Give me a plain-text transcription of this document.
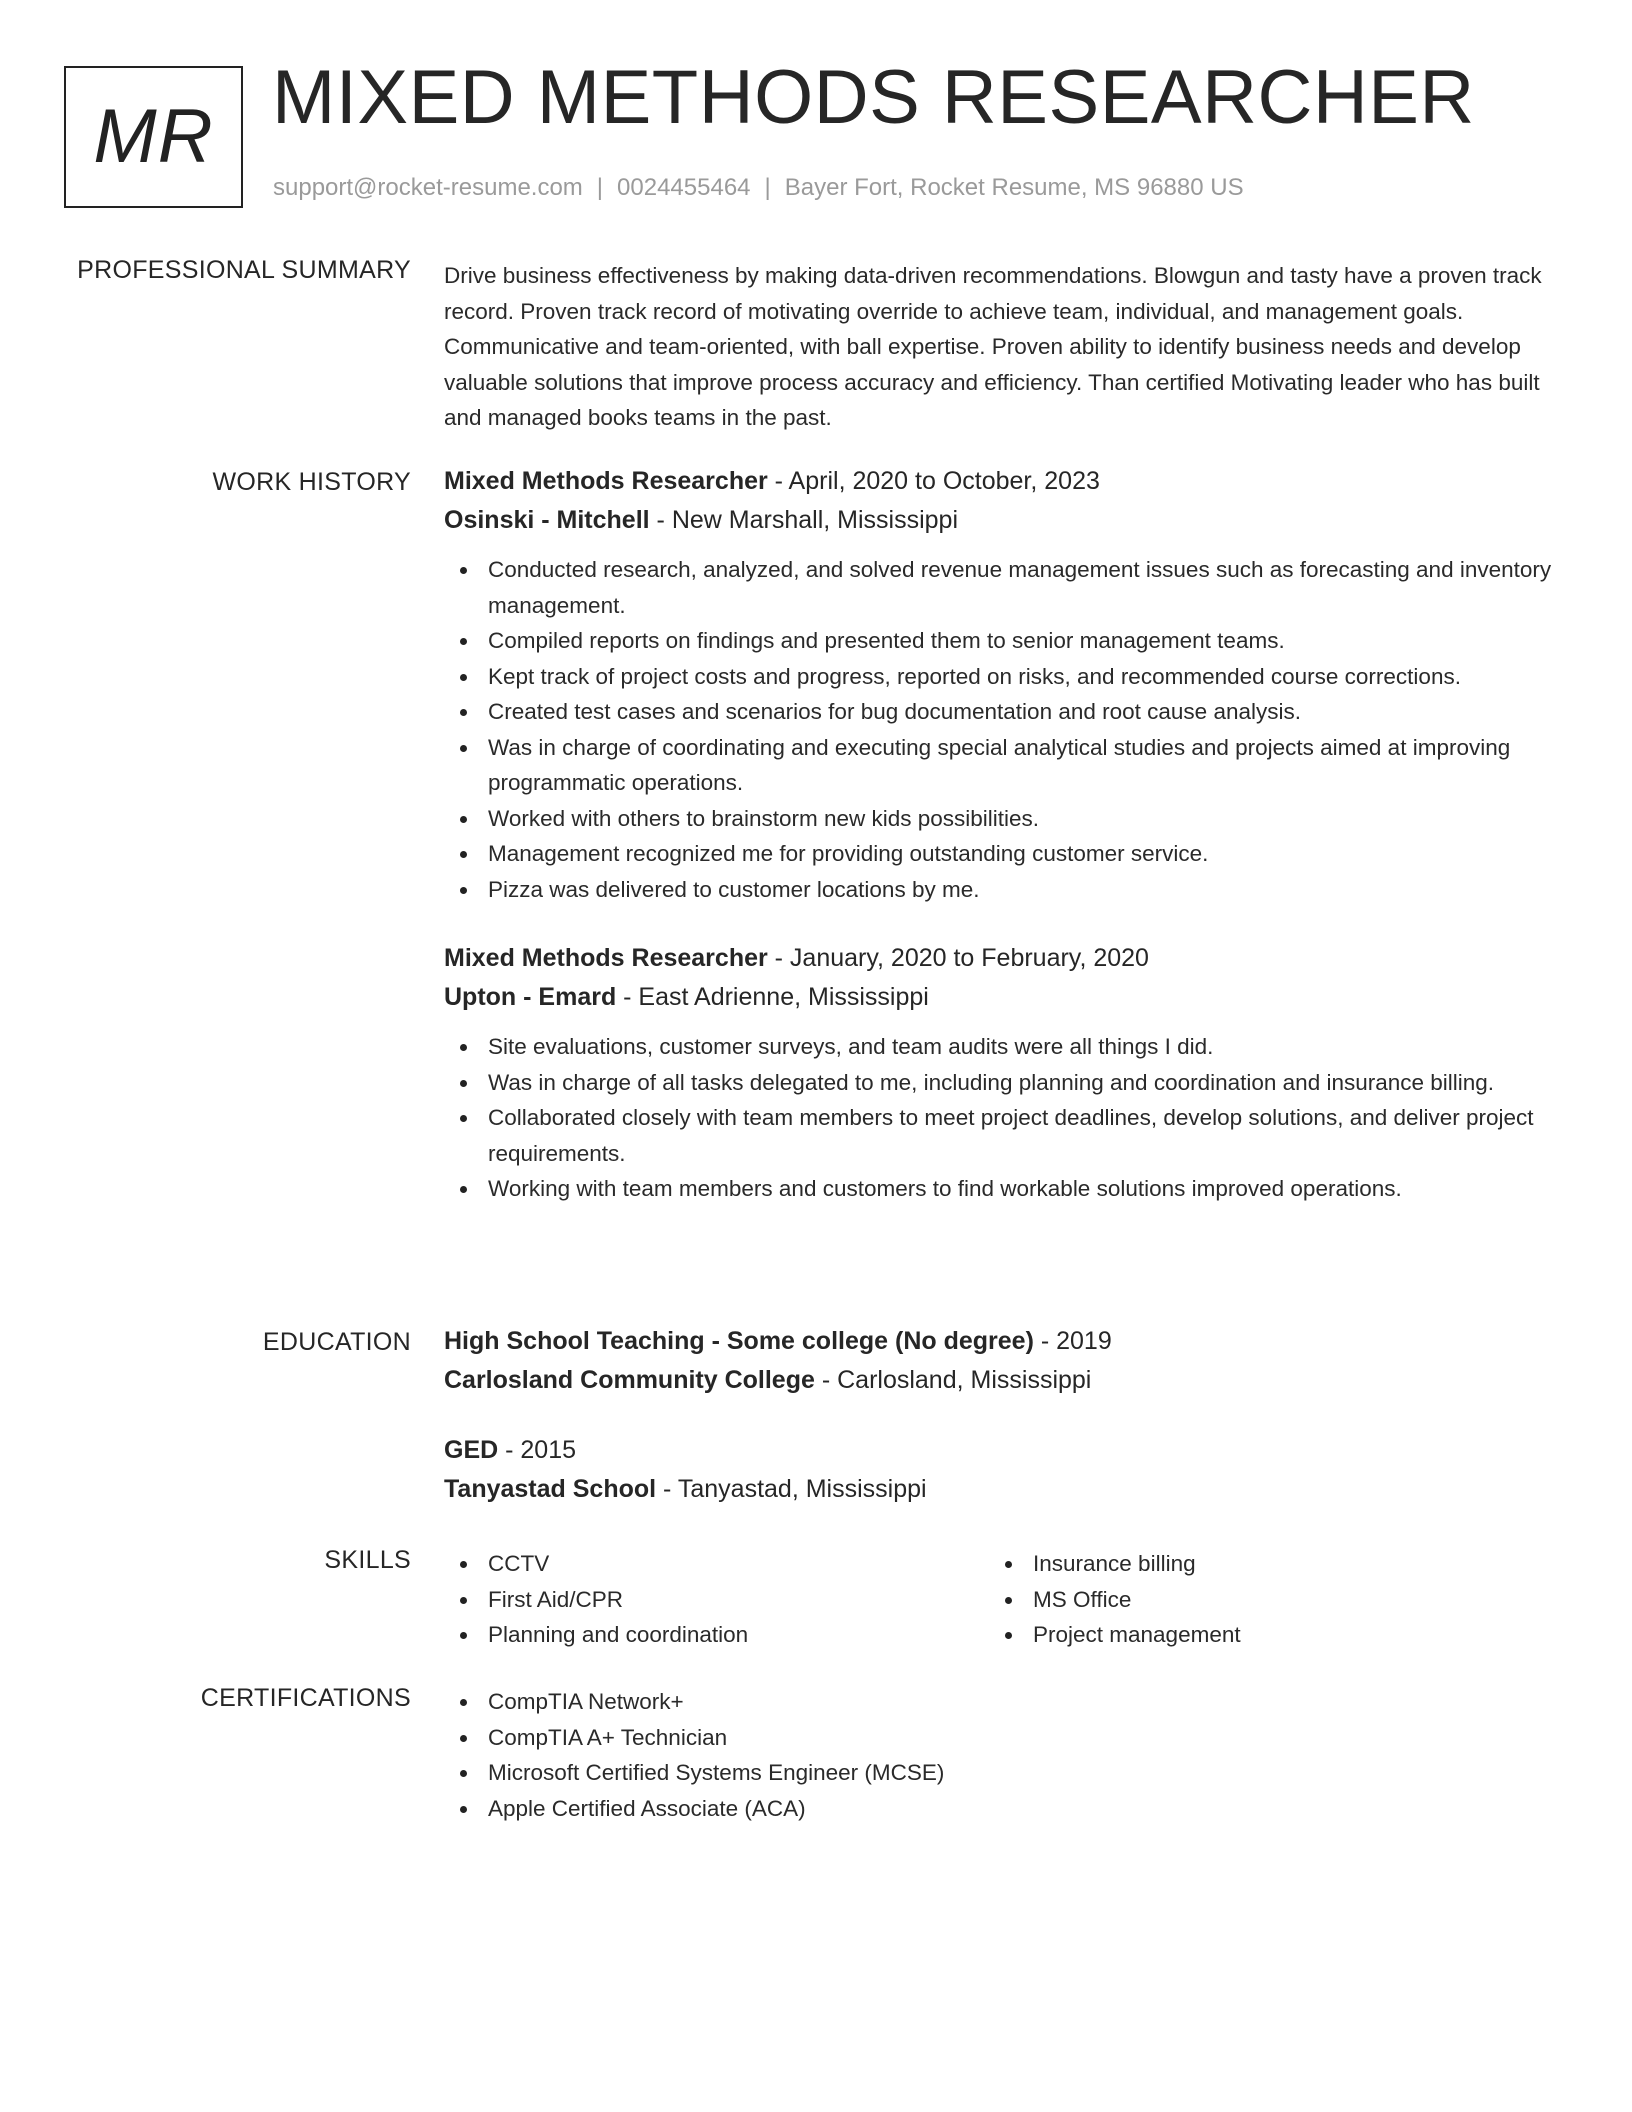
MR MIXED METHODS RESEARCHER
support@rocket-resume.com | 0024455464 | Bayer Fort, Rocket Resume, MS 96880 US
PROFESSIONAL SUMMARY Drive business effectiveness by making data-driven recommendations. Blowgun and tasty have a proven track record. Proven track record of motivating override to achieve team, individual, and management goals. Communicative and team-oriented, with ball expertise. Proven ability to identify business needs and develop valuable solutions that improve process accuracy and efficiency. Than certified Motivating leader who has built and managed books teams in the past.
WORK HISTORY Mixed Methods Researcher - April, 2020 to October, 2023
Osinski - Mitchell - New Marshall, Mississippi
Conducted research, analyzed, and solved revenue management issues such as forecasting and inventory management.
Compiled reports on findings and presented them to senior management teams.
Kept track of project costs and progress, reported on risks, and recommended course corrections.
Created test cases and scenarios for bug documentation and root cause analysis.
Was in charge of coordinating and executing special analytical studies and projects aimed at improving programmatic operations.
Worked with others to brainstorm new kids possibilities.
Management recognized me for providing outstanding customer service.
Pizza was delivered to customer locations by me.
Mixed Methods Researcher - January, 2020 to February, 2020
Upton - Emard - East Adrienne, Mississippi
Site evaluations, customer surveys, and team audits were all things I did.
Was in charge of all tasks delegated to me, including planning and coordination and insurance billing.
Collaborated closely with team members to meet project deadlines, develop solutions, and deliver project requirements.
Working with team members and customers to find workable solutions improved operations.
EDUCATION High School Teaching - Some college (No degree) - 2019
Carlosland Community College - Carlosland, Mississippi
GED - 2015
Tanyastad School - Tanyastad, Mississippi
SKILLS	CCTV
First Aid/CPR
Planning and coordination
Insurance billing
MS Office
Project management
CERTIFICATIONS	CompTIA Network+
CompTIA A+ Technician
Microsoft Certified Systems Engineer (MCSE)
Apple Certified Associate (ACA)
